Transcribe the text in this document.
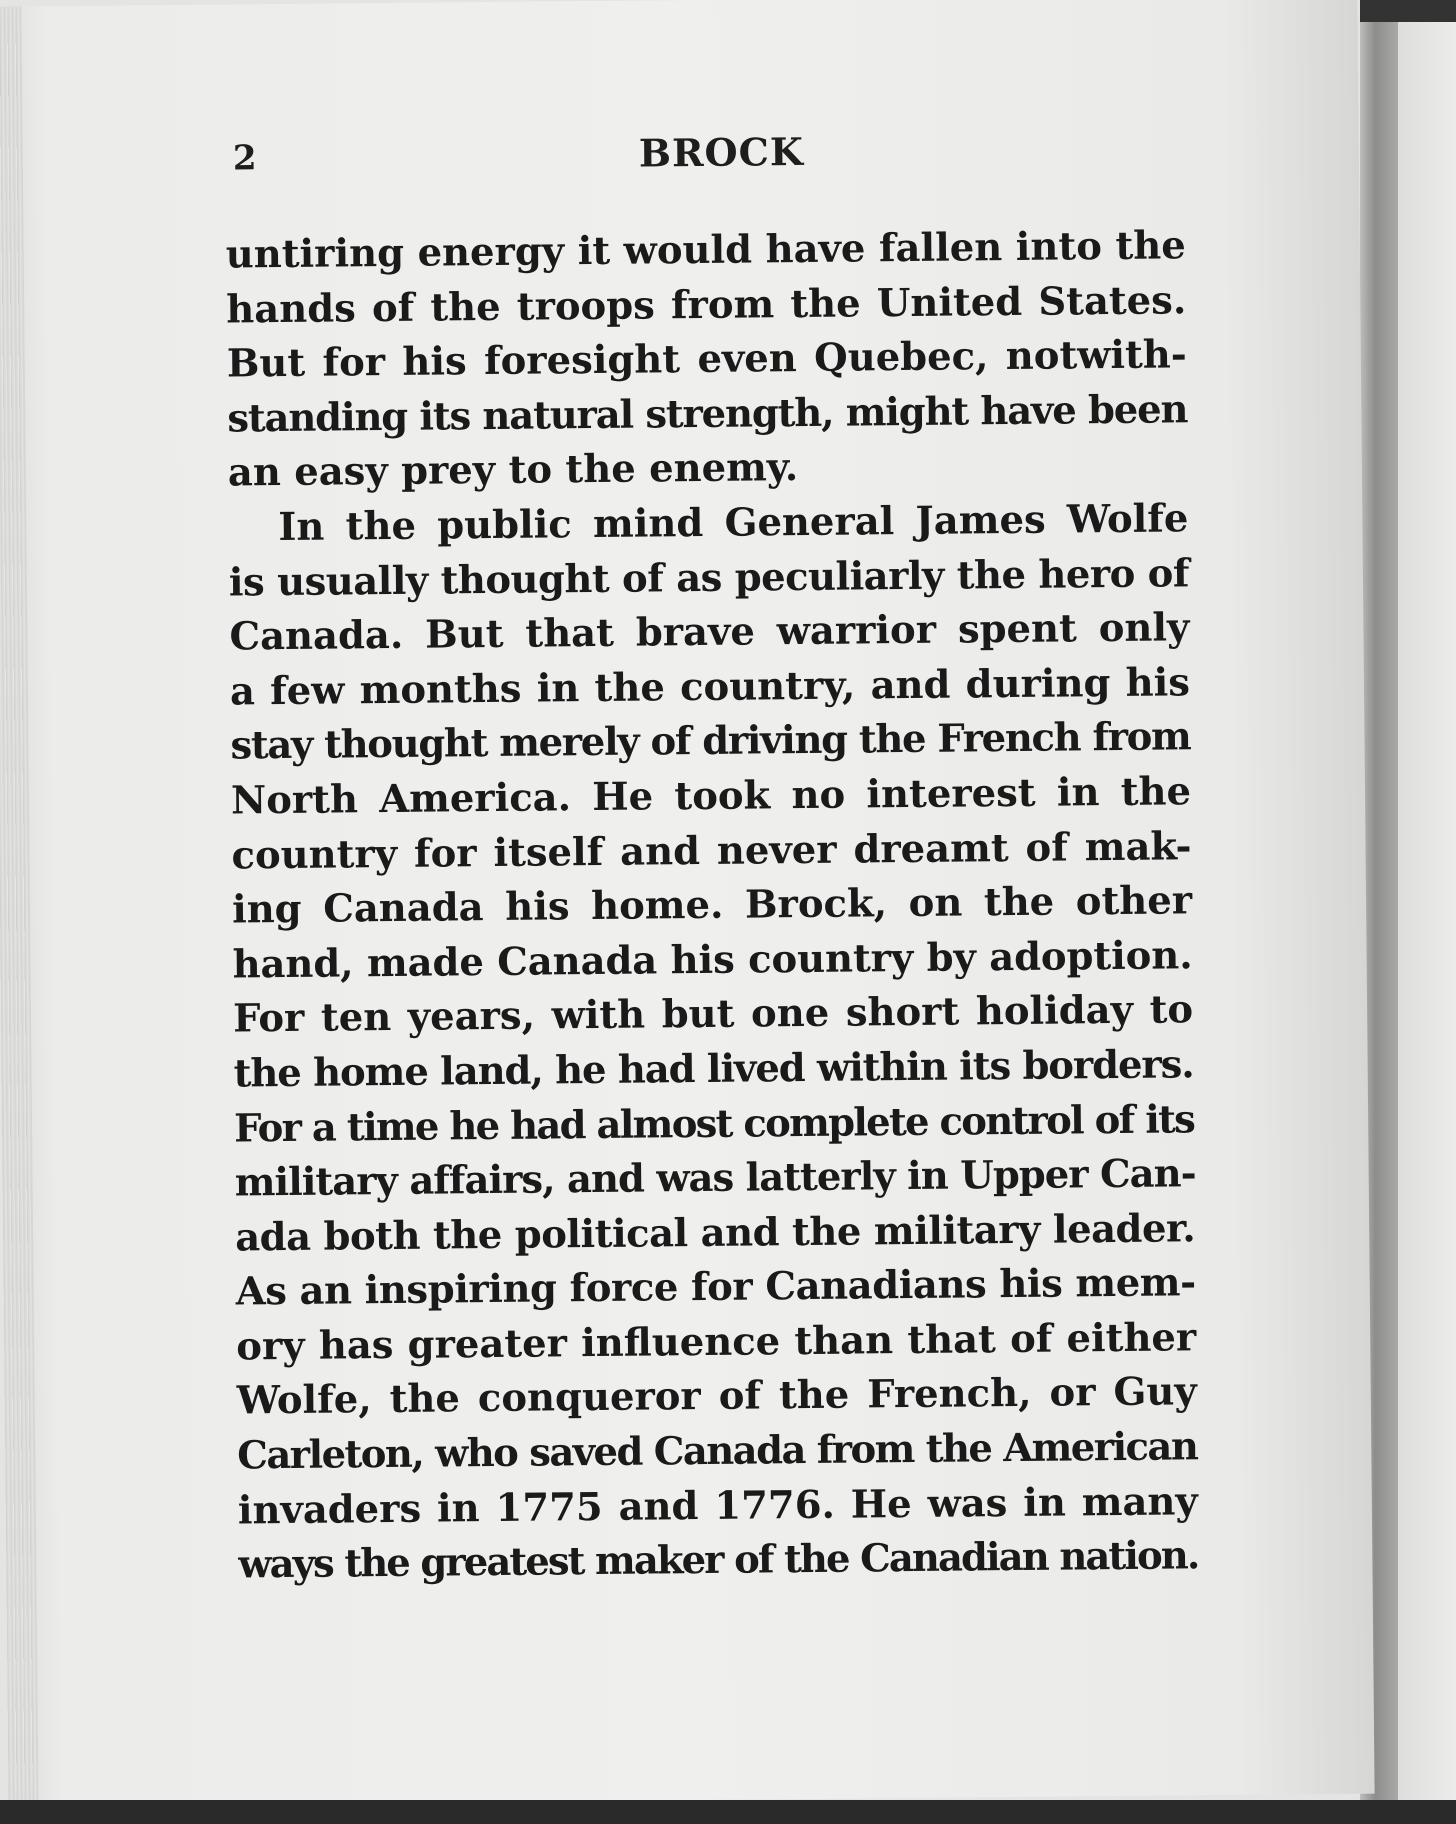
2	BROCK
untiring energy it would have fallen into the
hands of the troops from the United States.
But for his foresight even Quebec, notwith-
standing its natural strength, might have been
an easy prey to the enemy.
In the public mind General James Wolfe
is usually thought of as peculiarly the hero of
Canada. But that brave warrior spent only
a few months in the country, and during his
stay thought merely of driving the French from
North America. He took no interest in the
country for itself and never dreamt of mak-
ing Canada his home. Brock, on the other
hand, made Canada his country by adoption.
For ten years, with but one short holiday to
the home land, he had lived within its borders.
For a time he had almost complete control of its
military affairs, and was latterly in Upper Can-
ada both the political and the military leader.
As an inspiring force for Canadians his mem-
ory has greater influence than that of either
Wolfe, the conqueror of the French, or Guy
Carleton, who saved Canada from the American
invaders in 1775 and 1776. He was in many
ways the greatest maker of the Canadian nation.
